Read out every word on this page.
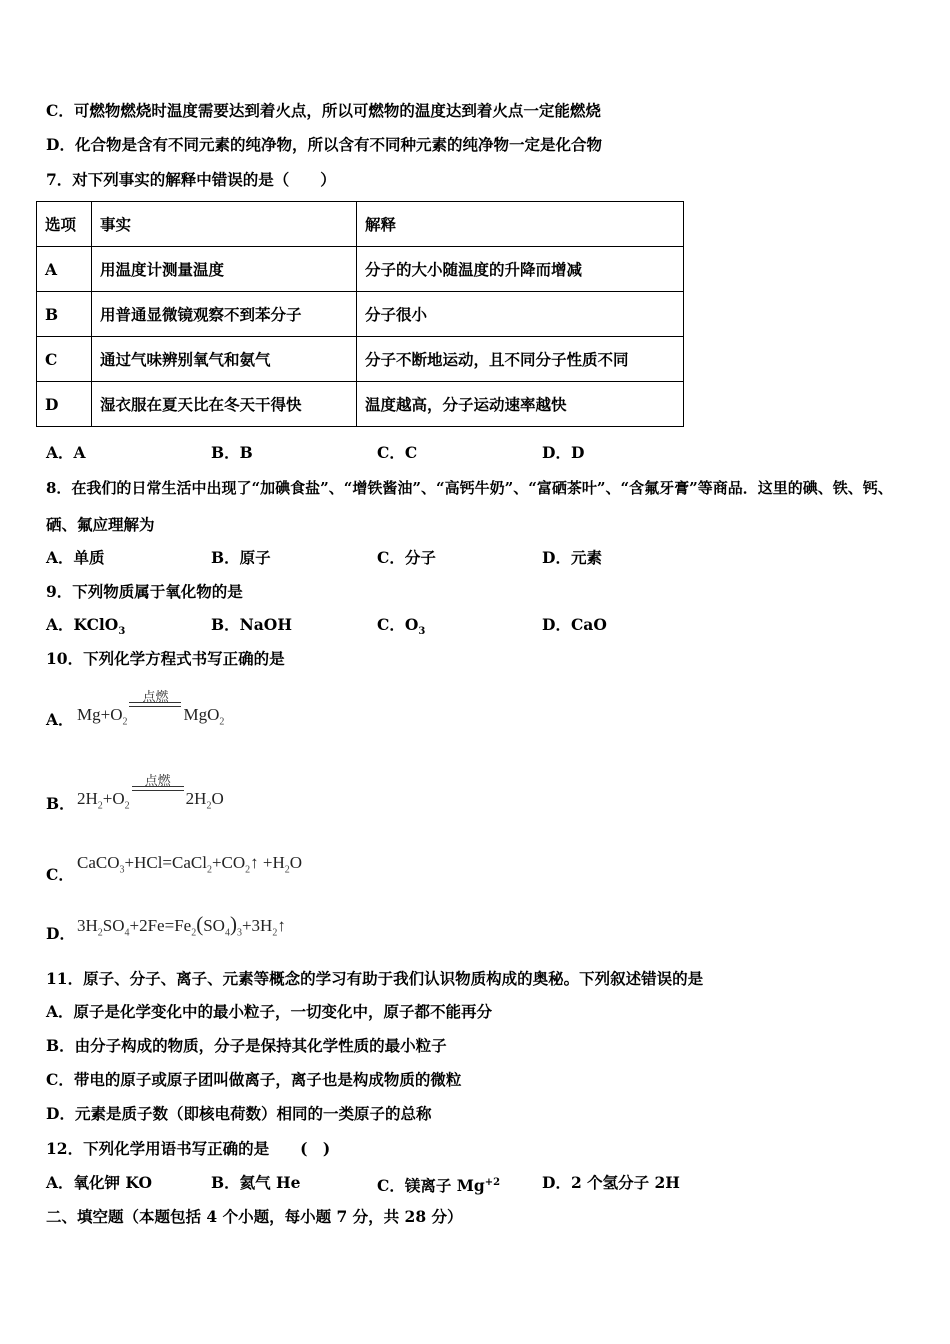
C．可燃物燃烧时温度需要达到着火点，所以可燃物的温度达到着火点一定能燃烧
D．化合物是含有不同元素的纯净物，所以含有不同种元素的纯净物一定是化合物
7．对下列事实的解释中错误的是（　　）
选项	事实	解释
A	用温度计测量温度	分子的大小随温度的升降而增减
B	用普通显微镜观察不到苯分子	分子很小
C	通过气味辨别氧气和氨气	分子不断地运动，且不同分子性质不同
D	湿衣服在夏天比在冬天干得快	温度越高，分子运动速率越快
A．A	B．B	C．C	D．D
8．在我们的日常生活中出现了“加碘食盐”、“增铁酱油”、“高钙牛奶”、“富硒茶叶”、“含氟牙膏”等商品．这里的碘、铁、钙、
硒、氟应理解为
A．单质	B．原子	C．分子	D．元素
9．下列物质属于氧化物的是
A．KClO$_3$	B．NaOH	C．$O_3$	D．CaO
10．下列化学方程式书写正确的是
A． $Mg+O_2$
点燃
MgO$_2$
B． $2H_2+O_2$
点燃
$2H_2O$
C．
$CaCO_3+HCl=CaCl_2+CO_2↑ +H_2O$
D． $3H_2SO_4+2Fe=Fe_2(SO_4)_3+3H_2↑$
11．原子、分子、离子、元素等概念的学习有助于我们认识物质构成的奥秘。下列叙述错误的是
A．原子是化学变化中的最小粒子，一切变化中，原子都不能再分
B．由分子构成的物质，分子是保持其化学性质的最小粒子
C．带电的原子或原子团叫做离子，离子也是构成物质的微粒
D．元素是质子数（即核电荷数）相同的一类原子的总称
12．下列化学用语书写正确的是　　(　)
A．氧化钾 KO	B．氦气 He	C．镁离子 $Mg^{+2}$	D．2 个氢分子 2H
二、填空题（本题包括 4 个小题，每小题 7 分，共 28 分）
